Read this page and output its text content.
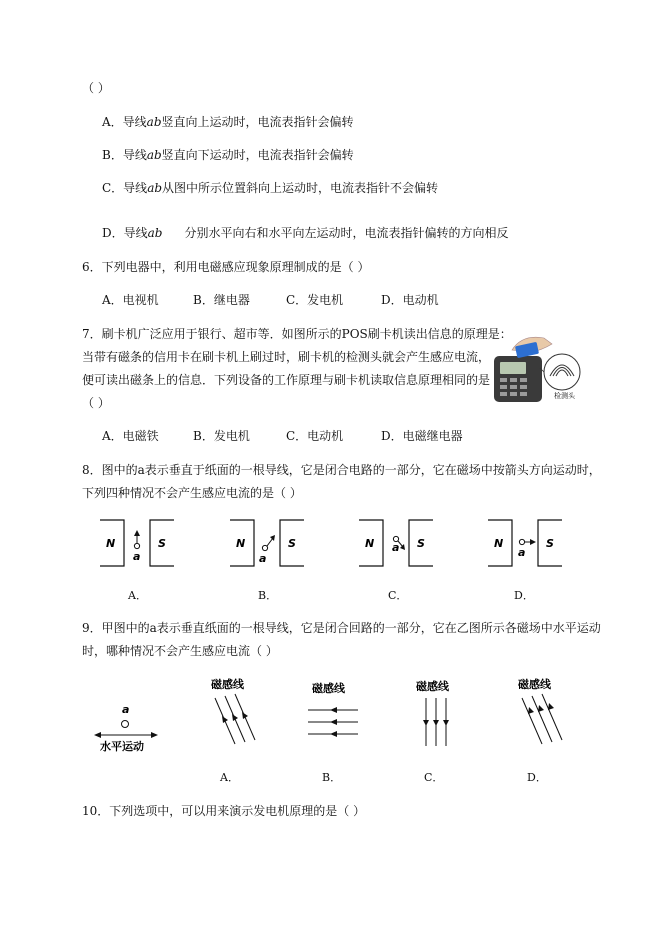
（ ）
A．导线ab竖直向上运动时，电流表指针会偏转
B．导线ab竖直向下运动时，电流表指针会偏转
C．导线ab从图中所示位置斜向上运动时，电流表指针不会偏转
D．导线ab 分别水平向右和水平向左运动时，电流表指针偏转的方向相反
6．下列电器中，利用电磁感应现象原理制成的是（ ）
A．电视机	B．继电器	C．发电机	D．电动机
7．刷卡机广泛应用于银行、超市等．如图所示的POS刷卡机读出信息的原理是：
当带有磁条的信用卡在刷卡机上刷过时，刷卡机的检测头就会产生感应电流，
便可读出磁条上的信息．下列设备的工作原理与刷卡机读取信息原理相同的是
（ ）	检测头
A．电磁铁	B．发电机	C．电动机	D．电磁继电器
8．图中的a表示垂直于纸面的一根导线，它是闭合电路的一部分，它在磁场中按箭头方向运动时，
下列四种情况不会产生感应电流的是（ ）
N	S
a
A．
N	S
a
B．
N	S
a
C．
N	S
a
D．
9．甲图中的a表示垂直纸面的一根导线，它是闭合回路的一部分，它在乙图所示各磁场中水平运动
时，哪种情况不会产生感应电流（ ）
a
水平运动
磁感线
A．
磁感线
B．
磁感线
C．
磁感线
D．
10．下列选项中，可以用来演示发电机原理的是（ ）
